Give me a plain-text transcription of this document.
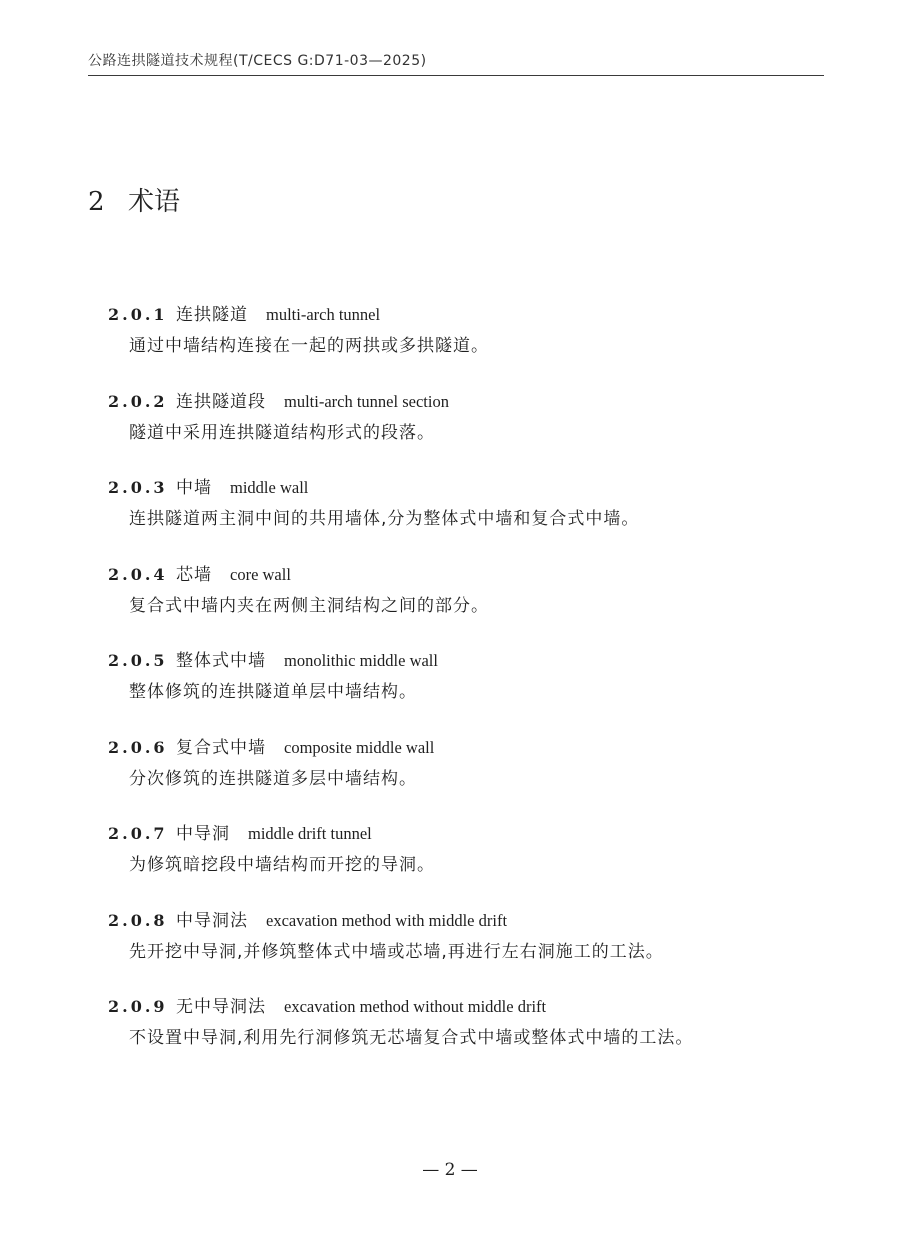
公路连拱隧道技术规程(T/CECS G:D71-03—2025)
2 术语
2.0.1 连拱隧道 multi-arch tunnel
通过中墙结构连接在一起的两拱或多拱隧道。
2.0.2 连拱隧道段 multi-arch tunnel section
隧道中采用连拱隧道结构形式的段落。
2.0.3 中墙 middle wall
连拱隧道两主洞中间的共用墙体,分为整体式中墙和复合式中墙。
2.0.4 芯墙 core wall
复合式中墙内夹在两侧主洞结构之间的部分。
2.0.5 整体式中墙 monolithic middle wall
整体修筑的连拱隧道单层中墙结构。
2.0.6 复合式中墙 composite middle wall
分次修筑的连拱隧道多层中墙结构。
2.0.7 中导洞 middle drift tunnel
为修筑暗挖段中墙结构而开挖的导洞。
2.0.8 中导洞法 excavation method with middle drift
先开挖中导洞,并修筑整体式中墙或芯墙,再进行左右洞施工的工法。
2.0.9 无中导洞法 excavation method without middle drift
不设置中导洞,利用先行洞修筑无芯墙复合式中墙或整体式中墙的工法。
— 2 —
